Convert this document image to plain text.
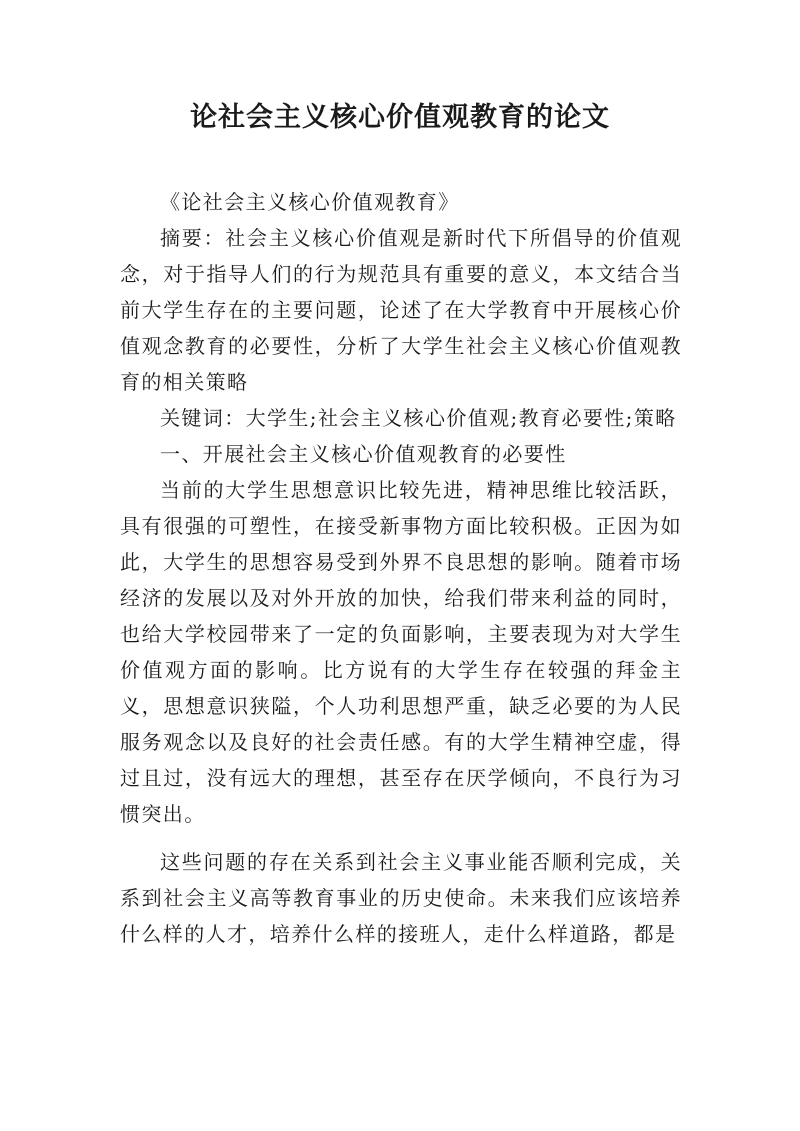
论社会主义核心价值观教育的论文

《论社会主义核心价值观教育》

摘要：社会主义核心价值观是新时代下所倡导的价值观念，对于指导人们的行为规范具有重要的意义，本文结合当前大学生存在的主要问题，论述了在大学教育中开展核心价值观念教育的必要性，分析了大学生社会主义核心价值观教育的相关策略

关键词：大学生;社会主义核心价值观;教育必要性;策略

一、开展社会主义核心价值观教育的必要性

当前的大学生思想意识比较先进，精神思维比较活跃，具有很强的可塑性，在接受新事物方面比较积极。正因为如此，大学生的思想容易受到外界不良思想的影响。随着市场经济的发展以及对外开放的加快，给我们带来利益的同时，也给大学校园带来了一定的负面影响，主要表现为对大学生价值观方面的影响。比方说有的大学生存在较强的拜金主义，思想意识狭隘，个人功利思想严重，缺乏必要的为人民服务观念以及良好的社会责任感。有的大学生精神空虚，得过且过，没有远大的理想，甚至存在厌学倾向，不良行为习惯突出。

这些问题的存在关系到社会主义事业能否顺利完成，关系到社会主义高等教育事业的历史使命。未来我们应该培养什么样的人才，培养什么样的接班人，走什么样道路，都是
